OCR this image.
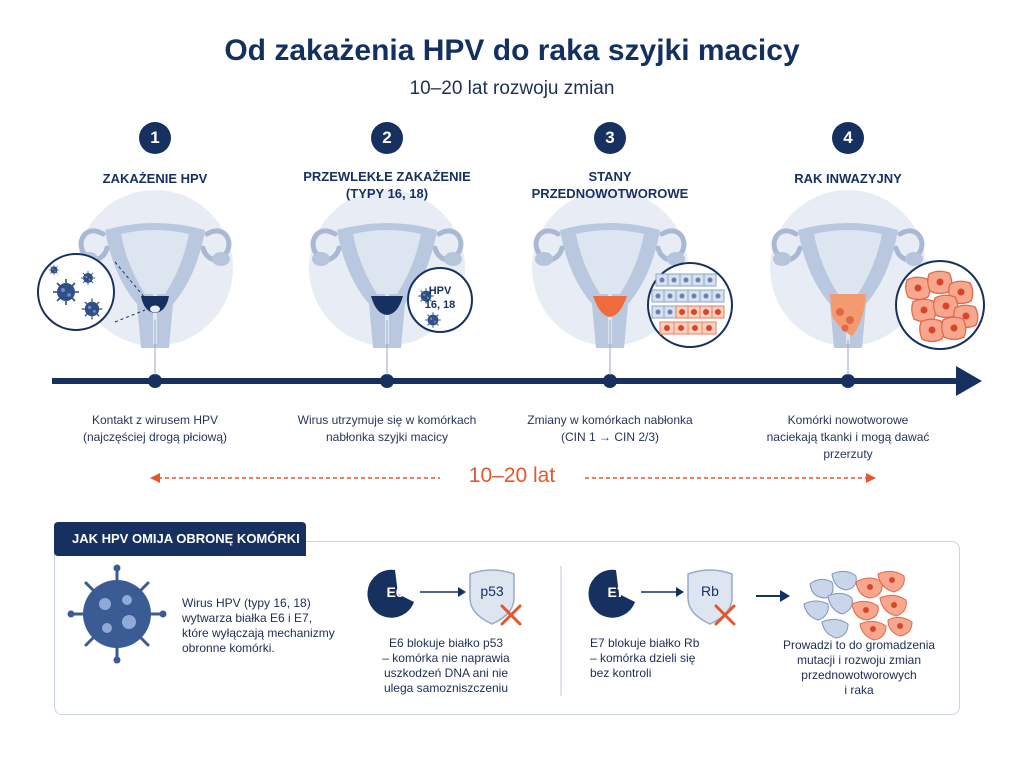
Od zakażenia HPV do raka szyjki macicy
10–20 lat rozwoju zmian
1
ZAKAŻENIE HPV
2
PRZEWLEKŁE ZAKAŻENIE
(TYPY 16, 18)
3
STANY
PRZEDNOWOTWOROWE
4
RAK INWAZYJNY
HPV
16, 18
Kontakt z wirusem HPV
(najczęściej drogą płciową)
Wirus utrzymuje się w komórkach
nabłonka szyjki macicy
Zmiany w komórkach nabłonka
(CIN 1 → CIN 2/3)
Komórki nowotworowe
naciekają tkanki i mogą dawać
przerzuty
10–20 lat
JAK HPV OMIJA OBRONĘ KOMÓRKI
Wirus HPV (typy 16, 18)
wytwarza białka E6 i E7,
które wyłączają mechanizmy
obronne komórki.
E6	p53
E6 blokuje białko p53
– komórka nie naprawia
uszkodzeń DNA ani nie
ulega samozniszczeniu
E7	Rb
E7 blokuje białko Rb
– komórka dzieli się
bez kontroli
Prowadzi to do gromadzenia
mutacji i rozwoju zmian
przednowotworowych
i raka
